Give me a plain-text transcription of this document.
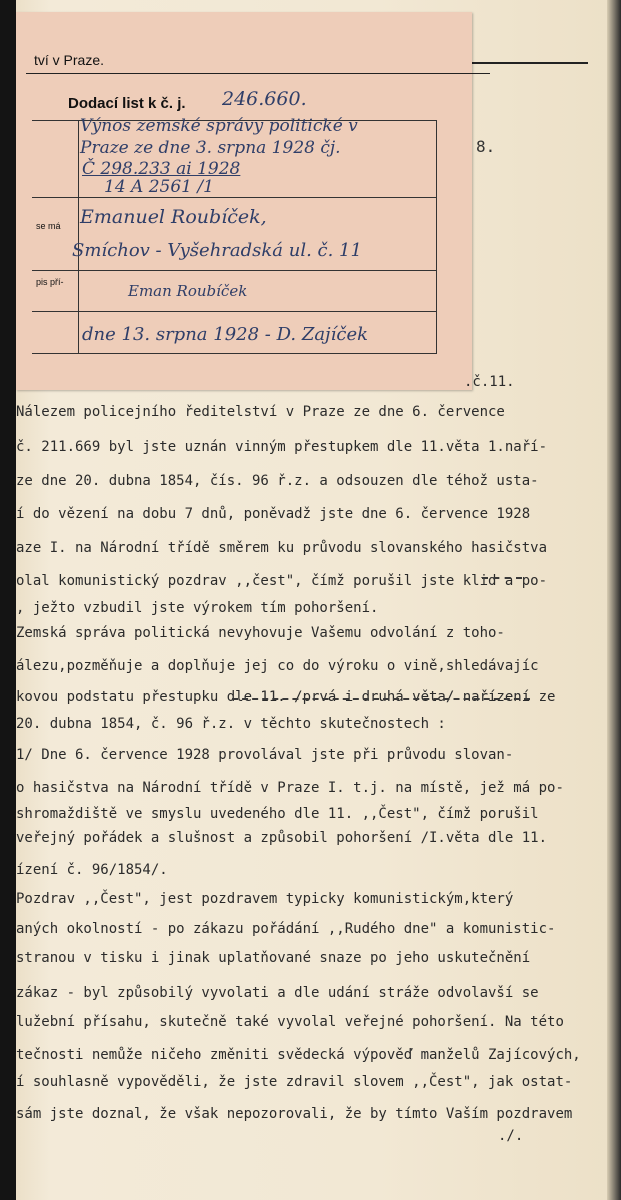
8.
tví v Praze.
Dodací list k č. j. 246.660.
se má
pis pří-
Výnos zemské správy politické v
Praze ze dne 3. srpna 1928 čj.
Č 298.233 ai 1928
14 A 2561 /1
Emanuel Roubíček,
Smíchov - Vyšehradská ul. č. 11
Eman Roubíček
dne 13. srpna 1928 - D. Zajíček
.č.11.
Nálezem policejního ředitelství v Praze ze dne 6. července
č. 211.669 byl jste uznán vinným přestupkem dle 11.věta 1.naří-
ze dne 20. dubna 1854, čís. 96 ř.z. a odsouzen dle téhož usta-
í do vězení na dobu 7 dnů, poněvadž jste dne 6. července 1928
aze I. na Národní třídě směrem ku průvodu slovanského hasičstva
olal komunistický pozdrav ,,čest", čímž porušil jste klid a po-
, ježto vzbudil jste výrokem tím pohoršení.
Zemská správa politická nevyhovuje Vašemu odvolání z toho-
álezu,pozměňuje a doplňuje jej co do výroku o vině,shledávajíc
kovou podstatu přestupku dle 11. /prvá i druhá věta/ nařízení ze
20. dubna 1854, č. 96 ř.z. v těchto skutečnostech :
1/ Dne 6. července 1928 provolával jste při průvodu slovan-
o hasičstva na Národní třídě v Praze I. t.j. na místě, jež má po-
shromaždiště ve smyslu uvedeného dle 11. ,,Čest", čímž porušil
veřejný pořádek a slušnost a způsobil pohoršení /I.věta dle 11.
ízení č. 96/1854/.
Pozdrav ,,Čest", jest pozdravem typicky komunistickým,který
aných okolností - po zákazu pořádání ,,Rudého dne" a komunistic-
stranou v tisku i jinak uplatňované snaze po jeho uskutečnění
zákaz - byl způsobilý vyvolati a dle udání stráže odvolavší se
lužební přísahu, skutečně také vyvolal veřejné pohoršení. Na této
tečnosti nemůže ničeho změniti svědecká výpověď manželů Zajícových,
í souhlasně vypověděli, že jste zdravil slovem ,,Čest", jak ostat-
sám jste doznal, že však nepozorovali, že by tímto Vaším pozdravem
./.
